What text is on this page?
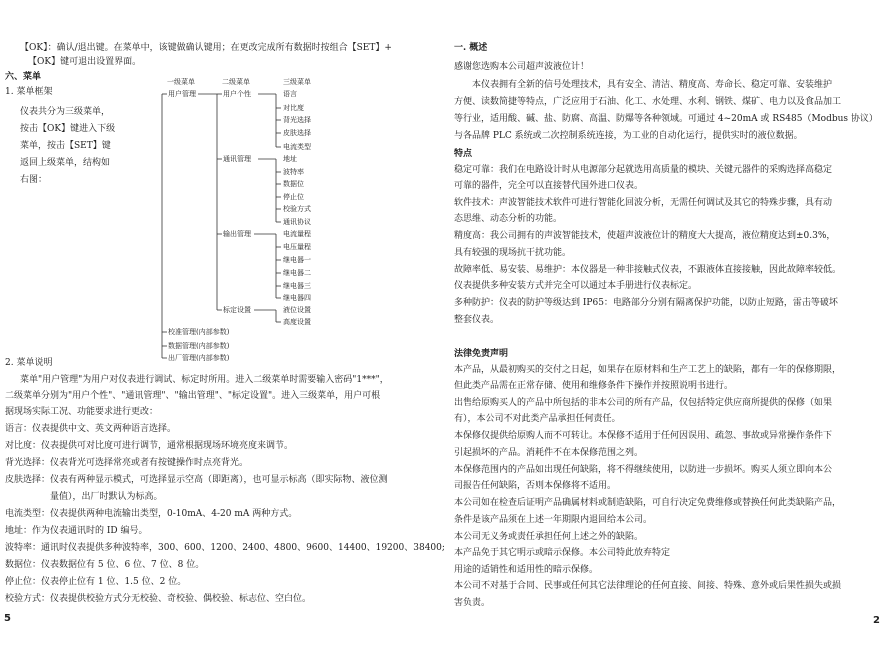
【OK】：确认/退出键。在菜单中，该键做确认键用；在更改完成所有数据时按组合【SET】+
【OK】键可退出设置界面。
六、菜单
1. 菜单框架
仪表共分为三级菜单，
按击【OK】键进入下级
菜单，按击【SET】键
返回上级菜单，结构如
右图：
一级菜单	二级菜单	三级菜单
用户管理
校准管理(内部参数)
数据管理(内部参数)
出厂管理(内部参数)
用户个性
通讯管理
输出管理
标定设置
语言
对比度
背光选择
皮肤选择
电流类型
地址
波特率
数据位
停止位
校验方式
通讯协议
电流量程
电压量程
继电器一
继电器二
继电器三
继电器四
液位设置
高度设置
2. 菜单说明
菜单"用户管理"为用户对仪表进行调试、标定时所用。进入二级菜单时需要输入密码"1***"，
二级菜单分别为"用户个性"、"通讯管理"、"输出管理"、"标定设置"。进入三级菜单，用户可根
据现场实际工况、功能要求进行更改：
语言：仪表提供中文、英文两种语言选择。
对比度：仪表提供可对比度可进行调节，通常根据现场环境亮度来调节。
背光选择：仪表背光可选择常亮或者有按键操作时点亮背光。
皮肤选择：仪表有两种显示模式，可选择显示空高（即距离），也可显示标高（即实际物、液位测
量值），出厂时默认为标高。
电流类型：仪表提供两种电流输出类型，0-10mA、4-20 mA 两种方式。
地址：作为仪表通讯时的 ID 编号。
波特率：通讯时仪表提供多种波特率，300、600、1200、2400、4800、9600、14400、19200、38400;
数据位：仪表数据位有 5 位、6 位、7 位、8 位。
停止位：仪表停止位有 1 位、1.5 位、2 位。
校验方式：仪表提供校验方式分无校验、奇校验、偶校验、标志位、空白位。
5
一. 概述
感谢您选购本公司超声波液位计！
本仪表拥有全新的信号处理技术，具有安全、清洁、精度高、寿命长、稳定可靠、安装维护
方便、读数简捷等特点，广泛应用于石油、化工、水处理、水利、钢铁、煤矿、电力以及食品加工
等行业，适用酸、碱、盐、防腐、高温、防爆等各种领域。可通过 4~20mA 或 RS485（Modbus 协议）
与各品牌 PLC 系统或二次控制系统连接，为工业的自动化运行，提供实时的液位数据。
特点
稳定可靠：我们在电路设计时从电源部分起就选用高质量的模块、关键元器件的采购选择高稳定
可靠的器件，完全可以直接替代国外进口仪表。
软件技术：声波智能技术软件可进行智能化回波分析，无需任何调试及其它的特殊步骤，具有动
态思维、动态分析的功能。
精度高：我公司拥有的声波智能技术，使超声波液位计的精度大大提高，液位精度达到±0.3%，
具有较强的现场抗干扰功能。
故障率低、易安装、易维护：本仪器是一种非接触式仪表，不跟液体直接接触，因此故障率较低。
仪表提供多种安装方式并完全可以通过本手册进行仪表标定。
多种防护：仪表的防护等级达到 IP65：电路部分分别有隔离保护功能，以防止短路，雷击等破坏
整套仪表。
法律免责声明
本产品，从最初购买的交付之日起，如果存在原材料和生产工艺上的缺陷，都有一年的保修期限，
但此类产品需在正常存储、使用和维修条件下操作并按照说明书进行。
出售给原购买人的产品中所包括的非本公司的所有产品，仅包括特定供应商所提供的保修（如果
有），本公司不对此类产品承担任何责任。
本保修仅提供给原购人而不可转让。本保修不适用于任何因误用、疏忽、事故或异常操作条件下
引起损坏的产品。消耗件不在本保修范围之列。
本保修范围内的产品如出现任何缺陷，将不得继续使用，以防进一步损坏。购买人须立即向本公
司报告任何缺陷，否则本保修将不适用。
本公司如在检查后证明产品确属材料或制造缺陷，可自行决定免费维修或替换任何此类缺陷产品，
条件是该产品须在上述一年期限内退回给本公司。
本公司无义务或责任承担任何上述之外的缺陷。
本产品免于其它明示或暗示保修。本公司特此放弃特定
用途的适销性和适用性的暗示保修。
本公司不对基于合同、民事或任何其它法律理论的任何直接、间接、特殊、意外或后果性损失或损
害负责。
2
